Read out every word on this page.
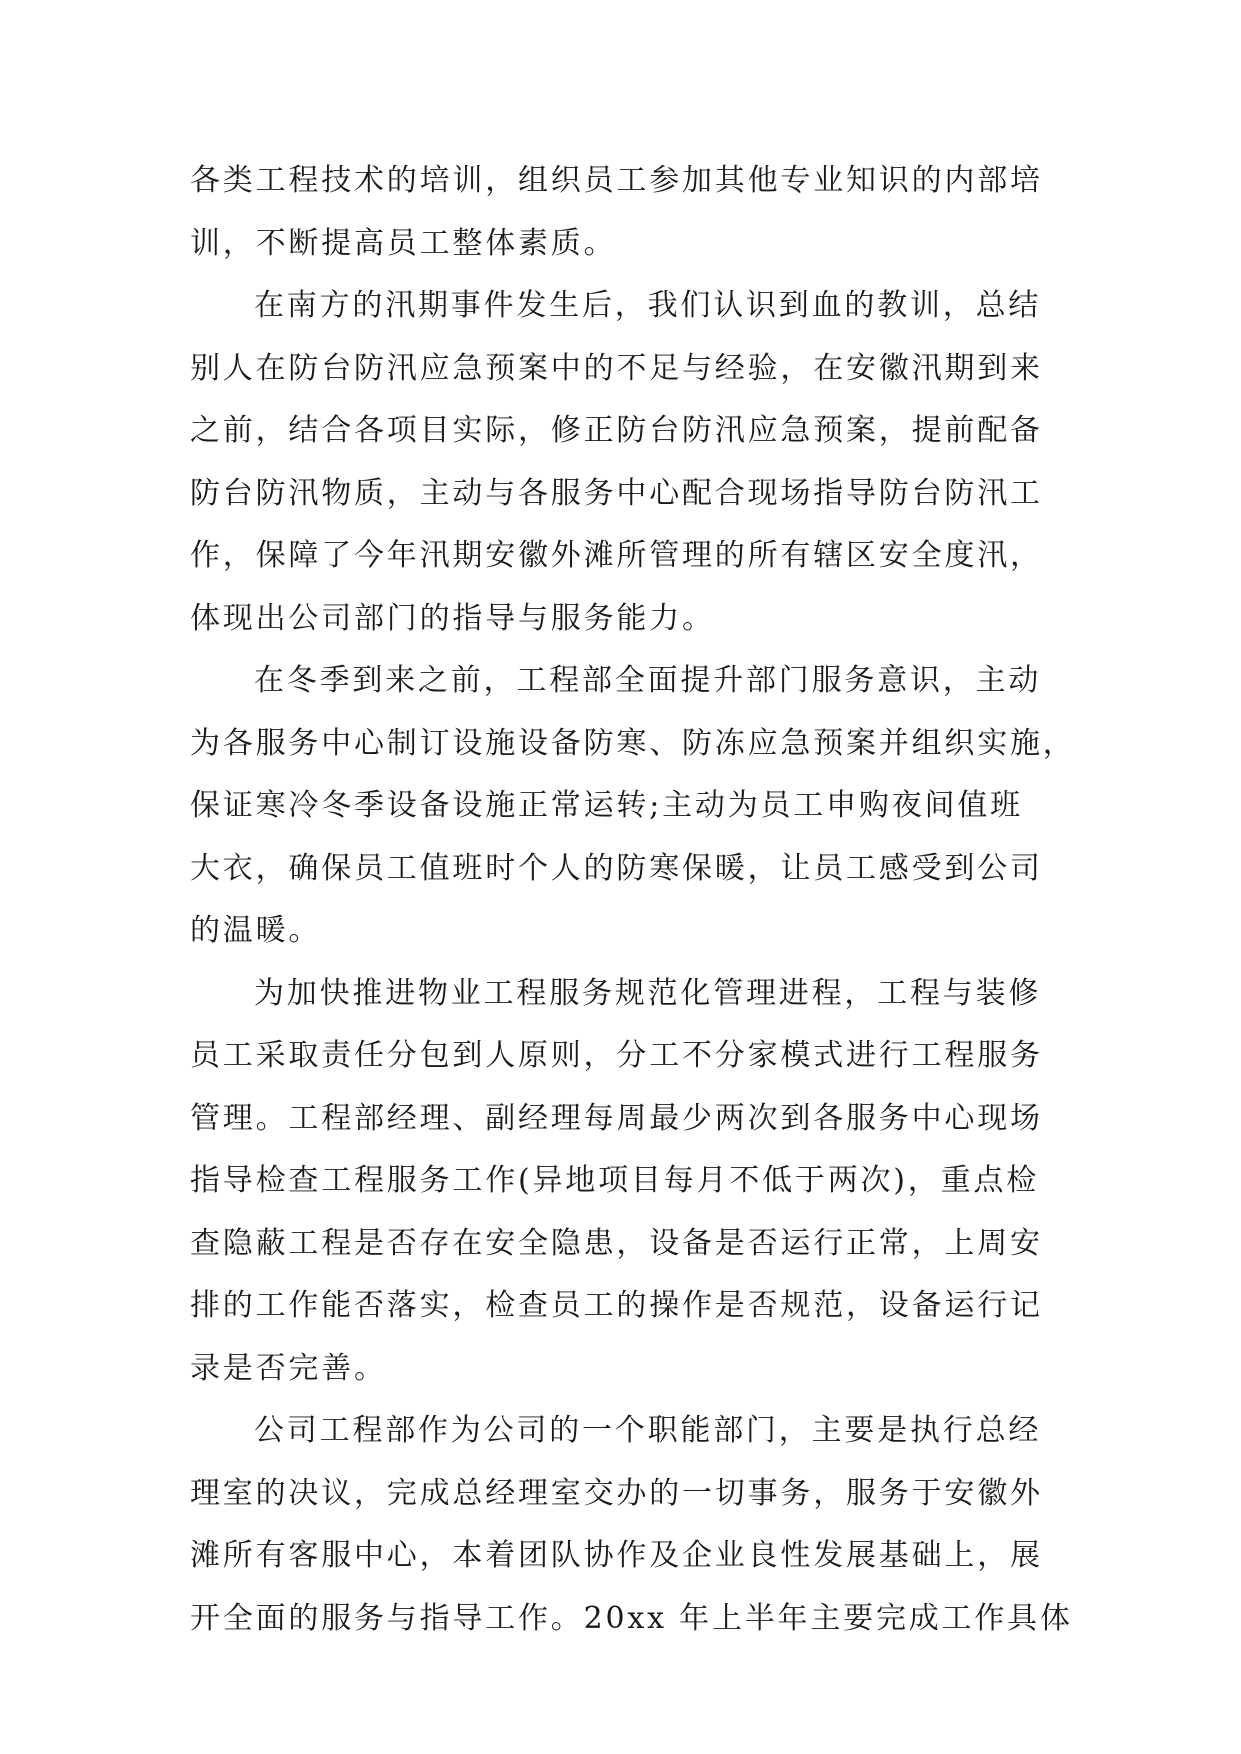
各类工程技术的培训，组织员工参加其他专业知识的内部培

训，不断提高员工整体素质。

在南方的汛期事件发生后，我们认识到血的教训，总结

别人在防台防汛应急预案中的不足与经验，在安徽汛期到来

之前，结合各项目实际，修正防台防汛应急预案，提前配备

防台防汛物质，主动与各服务中心配合现场指导防台防汛工

作，保障了今年汛期安徽外滩所管理的所有辖区安全度汛，

体现出公司部门的指导与服务能力。

在冬季到来之前，工程部全面提升部门服务意识，主动

为各服务中心制订设施设备防寒、防冻应急预案并组织实施，

保证寒冷冬季设备设施正常运转;主动为员工申购夜间值班

大衣，确保员工值班时个人的防寒保暖，让员工感受到公司

的温暖。

为加快推进物业工程服务规范化管理进程，工程与装修

员工采取责任分包到人原则，分工不分家模式进行工程服务

管理。工程部经理、副经理每周最少两次到各服务中心现场

指导检查工程服务工作(异地项目每月不低于两次)，重点检

查隐蔽工程是否存在安全隐患，设备是否运行正常，上周安

排的工作能否落实，检查员工的操作是否规范，设备运行记

录是否完善。

公司工程部作为公司的一个职能部门，主要是执行总经

理室的决议，完成总经理室交办的一切事务，服务于安徽外

滩所有客服中心，本着团队协作及企业良性发展基础上，展

开全面的服务与指导工作。20xx 年上半年主要完成工作具体
